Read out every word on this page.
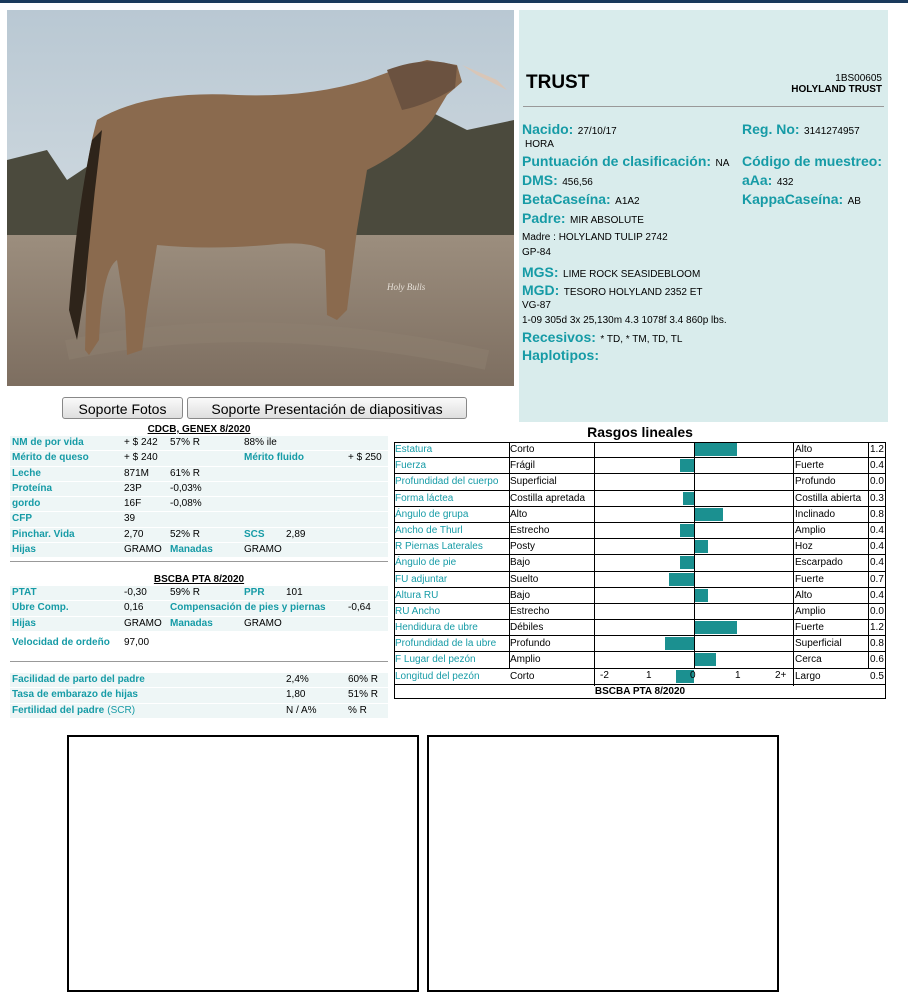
Holy Bulls
Soporte Fotos	Soporte Presentación de diapositivas
TRUST	1BS00605
HOLYLAND TRUST
Nacido: 27/10/17
HORA
Reg. No: 3141274957
Puntuación de clasificación: NA Código de muestreo:
DMS: 456,56	aAa: 432
BetaCaseína: A1A2	KappaCaseína: AB
Padre: MIR ABSOLUTE
Madre : HOLYLAND TULIP 2742
GP-84
MGS: LIME ROCK SEASIDEBLOOM
MGD: TESORO HOLYLAND 2352 ET
VG-87
1-09 305d 3x 25,130m 4.3 1078f 3.4 860p lbs.
Recesivos: * TD, * TM, TD, TL
Haplotipos:
CDCB, GENEX 8/2020
NM de por vida	+ $ 242 57% R	88% ile
Mérito de queso	+ $ 240	Mérito fluido	+ $ 250
Leche	871M 61% R
Proteína	23P	-0,03%
gordo	16F	-0,08%
CFP	39
Pinchar. Vida	2,70	52% R	SCS 2,89
Hijas	GRAMO Manadas	GRAMO
BSCBA PTA 8/2020
PTAT	-0,30 59% R	PPR 101
Ubre Comp.	0,16	Compensación de pies y piernas -0,64
Hijas	GRAMO Manadas	GRAMO
Velocidad de ordeño 97,00
Facilidad de parto del padre	2,4%	60% R
Tasa de embarazo de hijas	1,80	51% R
Fertilidad del padre (SCR)	N / A%	% R
Rasgos lineales
Estatura	Corto	Alto	1.2
Fuerza	Frágil	Fuerte	0.4
Profundidad del cuerpo	Superficial	Profundo	0.0
Forma láctea	Costilla apretada	Costilla abierta 0.3
Ángulo de grupa	Alto	Inclinado	0.8
Ancho de Thurl	Estrecho	Amplio	0.4
R Piernas Laterales	Posty	Hoz	0.4
Ángulo de pie	Bajo	Escarpado	0.4
FU adjuntar	Suelto	Fuerte	0.7
Altura RU	Bajo	Alto	0.4
RU Ancho	Estrecho	Amplio	0.0
Hendidura de ubre	Débiles	Fuerte	1.2
Profundidad de la ubre	Profundo	Superficial	0.8
F Lugar del pezón	Amplio	Cerca	0.6
Longitud del pezón	Corto	Largo	0.5
-2	1	0	1	2+
BSCBA PTA 8/2020
